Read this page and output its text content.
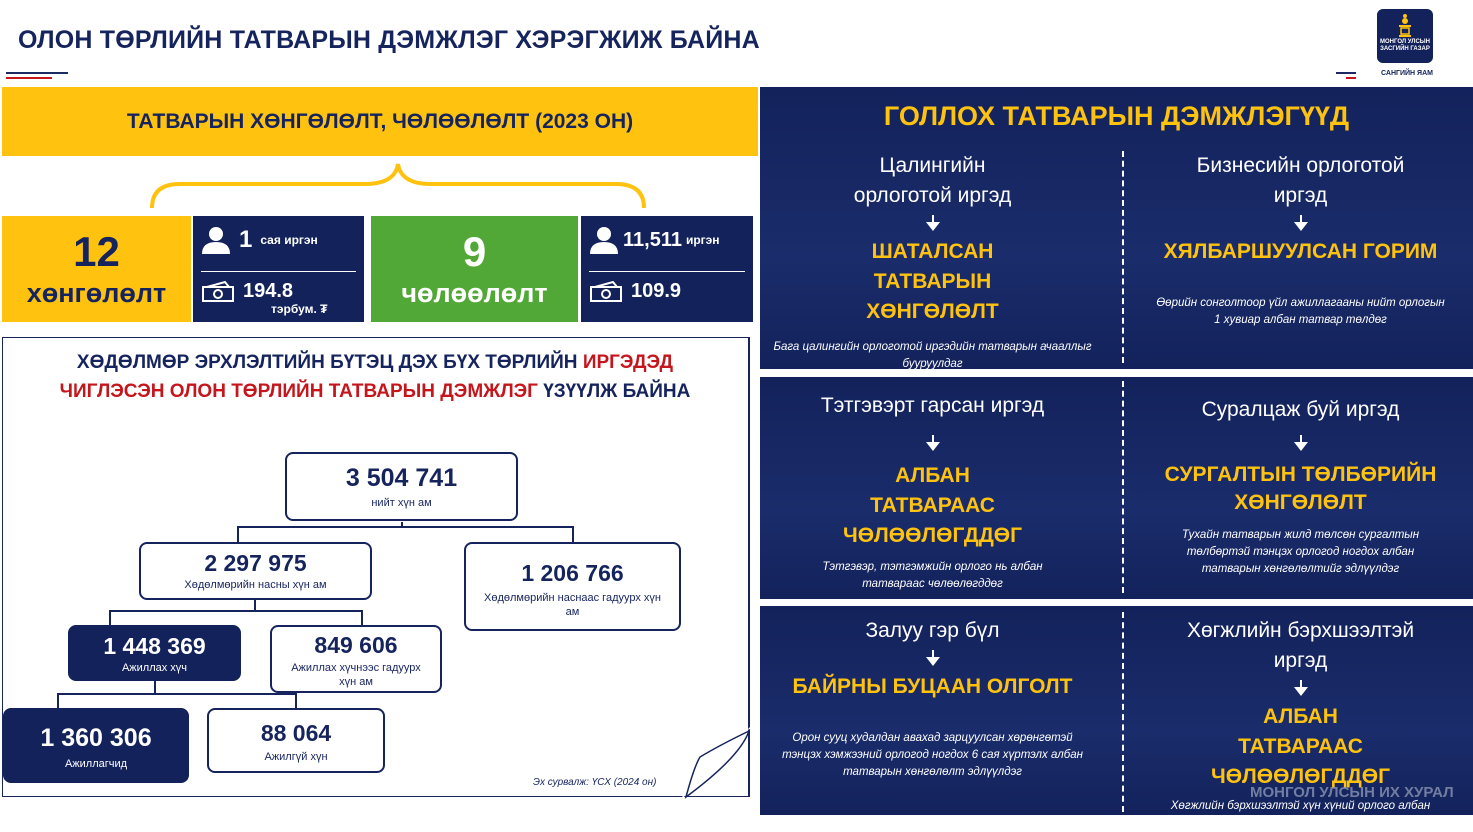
ОЛОН ТӨРЛИЙН ТАТВАРЫН ДЭМЖЛЭГ ХЭРЭГЖИЖ БАЙНА	МОНГОЛ УЛСЫН ЗАСГИЙН ГАЗАР
САНГИЙН ЯАМ
ТАТВАРЫН ХӨНГӨЛӨЛТ, ЧӨЛӨӨЛӨЛТ (2023 ОН)
12
хөнгөлөлт
1 сая иргэн
194.8
тэрбум. ₮
9
чөлөөлөлт
11,511 иргэн
109.9
ХӨДӨЛМӨР ЭРХЛЭЛТИЙН БҮТЭЦ ДЭХ БҮХ ТӨРЛИЙН ИРГЭДЭД
ЧИГЛЭСЭН ОЛОН ТӨРЛИЙН ТАТВАРЫН ДЭМЖЛЭГ ҮЗҮҮЛЖ БАЙНА
3 504 741
нийт хүн ам
2 297 975
Хөдөлмөрийн насны хүн ам	1 206 766
Хөдөлмөрийн наснаас гадуурх хүн ам
1 448 369
Ажиллах хүч
849 606
Ажиллах хүчнээс гадуурх хүн ам
1 360 306
Ажиллагчид
88 064
Ажилгүй хүн
Эх сурвалж: ҮСХ (2024 он)
ГОЛЛОХ ТАТВАРЫН ДЭМЖЛЭГҮҮД
Цалингийн орлоготой иргэд
ШАТАЛСАН ТАТВАРЫН ХӨНГӨЛӨЛТ
Бага цалингийн орлоготой иргэдийн татварын ачааллыг бууруулдаг
Бизнесийн орлоготой иргэд
ХЯЛБАРШУУЛСАН ГОРИМ
Өөрийн сонголтоор үйл ажиллагааны нийт орлогын 1 хувиар албан татвар төлдөг
Тэтгэвэрт гарсан иргэд
АЛБАН ТАТВАРААС ЧӨЛӨӨЛӨГДДӨГ
Тэтгэвэр, тэтгэмжийн орлого нь албан татвараас чөлөөлөгддөг
Суралцаж буй иргэд
СУРГАЛТЫН ТӨЛБӨРИЙН ХӨНГӨЛӨЛТ
Тухайн татварын жилд төлсөн сургалтын төлбөртэй тэнцэх орлогод ногдох албан татварын хөнгөлөлтийг эдлүүлдэг
Залуу гэр бүл
БАЙРНЫ БУЦААН ОЛГОЛТ
Орон сууц худалдан авахад зарцуулсан хөрөнгөтэй тэнцэх хэмжээний орлогод ногдох 6 сая хүртэлх албан татварын хөнгөлөлт эдлүүлдэг
Хөгжлийн бэрхшээлтэй иргэд
АЛБАН ТАТВАРААС ЧӨЛӨӨЛӨГДДӨГ
Хөгжлийн бэрхшээлтэй хүн хүний орлого албан татвараас чөлөөлөгддөг
МОНГОЛ УЛСЫН ИХ ХУРАЛ
